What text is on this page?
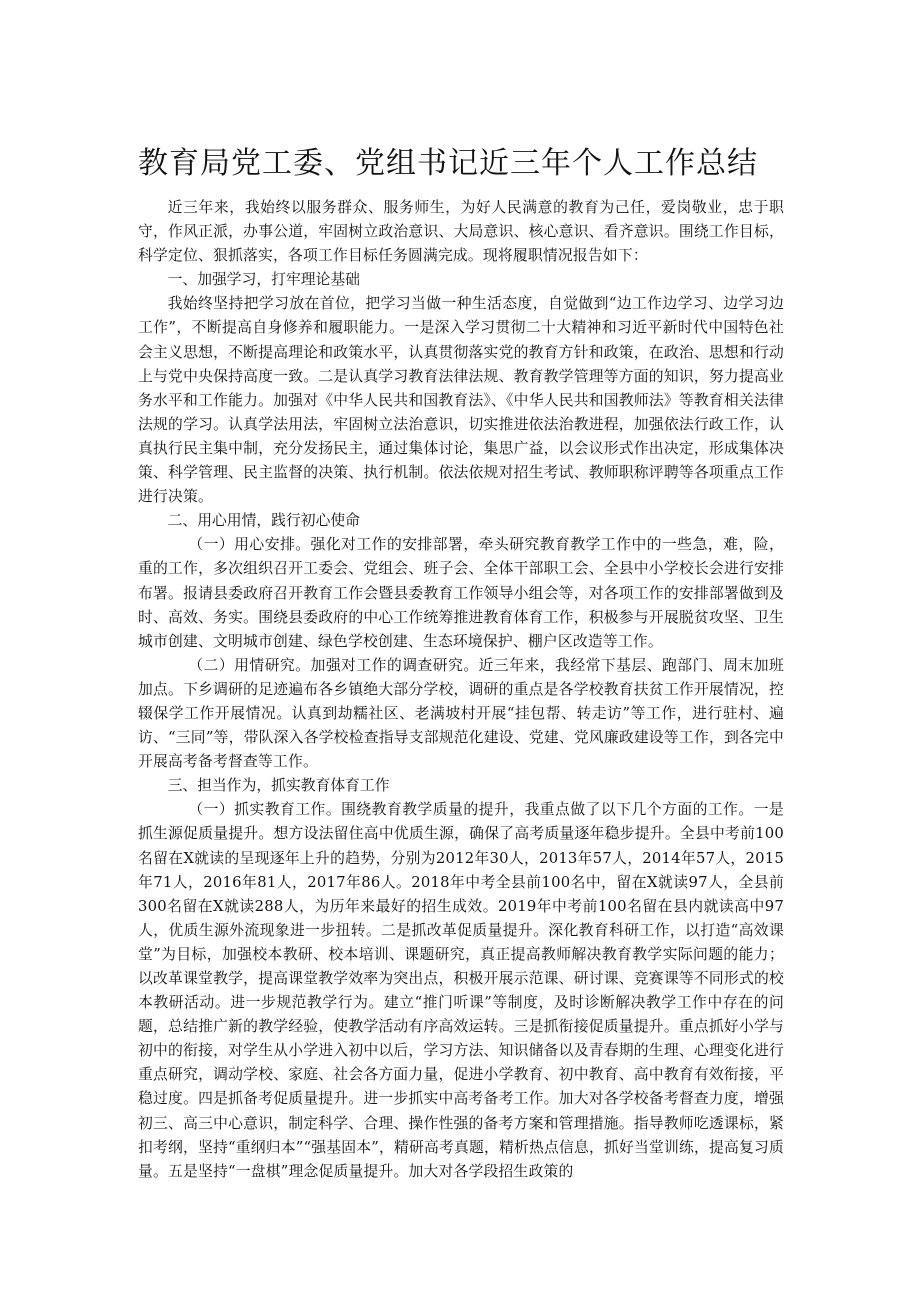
教育局党工委、党组书记近三年个人工作总结

近三年来，我始终以服务群众、服务师生，为好人民满意的教育为己任，爱岗敬业，忠于职守，作风正派，办事公道，牢固树立政治意识、大局意识、核心意识、看齐意识。围绕工作目标，科学定位、狠抓落实，各项工作目标任务圆满完成。现将履职情况报告如下：

一、加强学习，打牢理论基础

我始终坚持把学习放在首位，把学习当做一种生活态度，自觉做到“边工作边学习、边学习边工作”，不断提高自身修养和履职能力。一是深入学习贯彻二十大精神和习近平新时代中国特色社会主义思想，不断提高理论和政策水平，认真贯彻落实党的教育方针和政策，在政治、思想和行动上与党中央保持高度一致。二是认真学习教育法律法规、教育教学管理等方面的知识，努力提高业务水平和工作能力。加强对《中华人民共和国教育法》、《中华人民共和国教师法》等教育相关法律法规的学习。认真学法用法，牢固树立法治意识，切实推进依法治教进程，加强依法行政工作，认真执行民主集中制，充分发扬民主，通过集体讨论，集思广益，以会议形式作出决定，形成集体决策、科学管理、民主监督的决策、执行机制。依法依规对招生考试、教师职称评聘等各项重点工作进行决策。

二、用心用情，践行初心使命

（一）用心安排。强化对工作的安排部署，牵头研究教育教学工作中的一些急，难，险，重的工作，多次组织召开工委会、党组会、班子会、全体干部职工会、全县中小学校长会进行安排布署。报请县委政府召开教育工作会暨县委教育工作领导小组会等，对各项工作的安排部署做到及时、高效、务实。围绕县委政府的中心工作统筹推进教育体育工作，积极参与开展脱贫攻坚、卫生城市创建、文明城市创建、绿色学校创建、生态环境保护、棚户区改造等工作。

（二）用情研究。加强对工作的调查研究。近三年来，我经常下基层、跑部门、周末加班加点。下乡调研的足迹遍布各乡镇绝大部分学校，调研的重点是各学校教育扶贫工作开展情况，控辍保学工作开展情况。认真到劫糯社区、老满坡村开展“挂包帮、转走访”等工作，进行驻村、遍访、“三同”等，带队深入各学校检查指导支部规范化建设、党建、党风廉政建设等工作，到各完中开展高考备考督查等工作。

三、担当作为，抓实教育体育工作

（一）抓实教育工作。围绕教育教学质量的提升，我重点做了以下几个方面的工作。一是抓生源促质量提升。想方设法留住高中优质生源，确保了高考质量逐年稳步提升。全县中考前100名留在X就读的呈现逐年上升的趋势，分别为2012年30人，2013年57人，2014年57人，2015年71人，2016年81人，2017年86人。2018年中考全县前100名中，留在X就读97人，全县前300名留在X就读288人，为历年来最好的招生成效。2019年中考前100名留在县内就读高中97人，优质生源外流现象进一步扭转。二是抓改革促质量提升。深化教育科研工作，以打造“高效课堂”为目标，加强校本教研、校本培训、课题研究，真正提高教师解决教育教学实际问题的能力；以改革课堂教学，提高课堂教学效率为突出点，积极开展示范课、研讨课、竞赛课等不同形式的校本教研活动。进一步规范教学行为。建立“推门听课”等制度，及时诊断解决教学工作中存在的问题，总结推广新的教学经验，使教学活动有序高效运转。三是抓衔接促质量提升。重点抓好小学与初中的衔接，对学生从小学进入初中以后，学习方法、知识储备以及青春期的生理、心理变化进行重点研究，调动学校、家庭、社会各方面力量，促进小学教育、初中教育、高中教育有效衔接，平稳过度。四是抓备考促质量提升。进一步抓实中高考备考工作。加大对各学校备考督查力度，增强初三、高三中心意识，制定科学、合理、操作性强的备考方案和管理措施。指导教师吃透课标，紧扣考纲，坚持“重纲归本”“强基固本”，精研高考真题，精析热点信息，抓好当堂训练，提高复习质量。五是坚持“一盘棋”理念促质量提升。加大对各学段招生政策的
